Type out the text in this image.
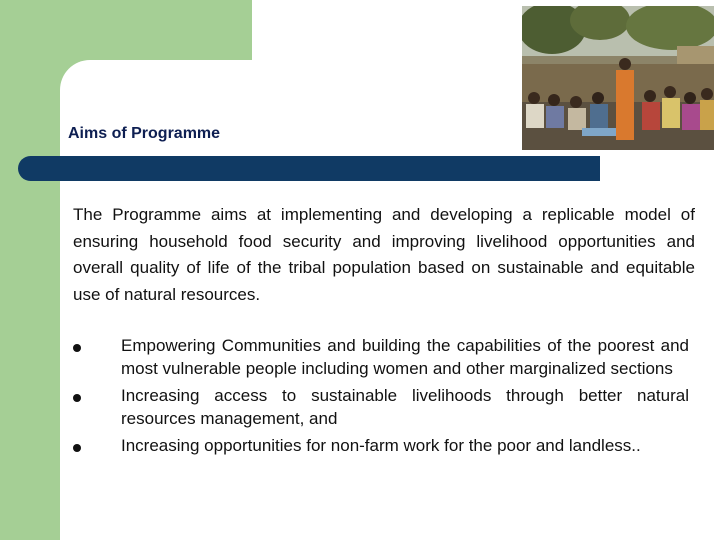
Aims of Programme

The Programme aims at implementing and developing a replicable model of ensuring household food security and improving livelihood opportunities and overall quality of life of the tribal population based on sustainable and equitable use of natural resources.

Empowering Communities and building the capabilities of the poorest and most vulnerable people including women and other marginalized sections
Increasing access to sustainable livelihoods through better natural resources management, and
Increasing opportunities for non-farm work for the poor and landless..
